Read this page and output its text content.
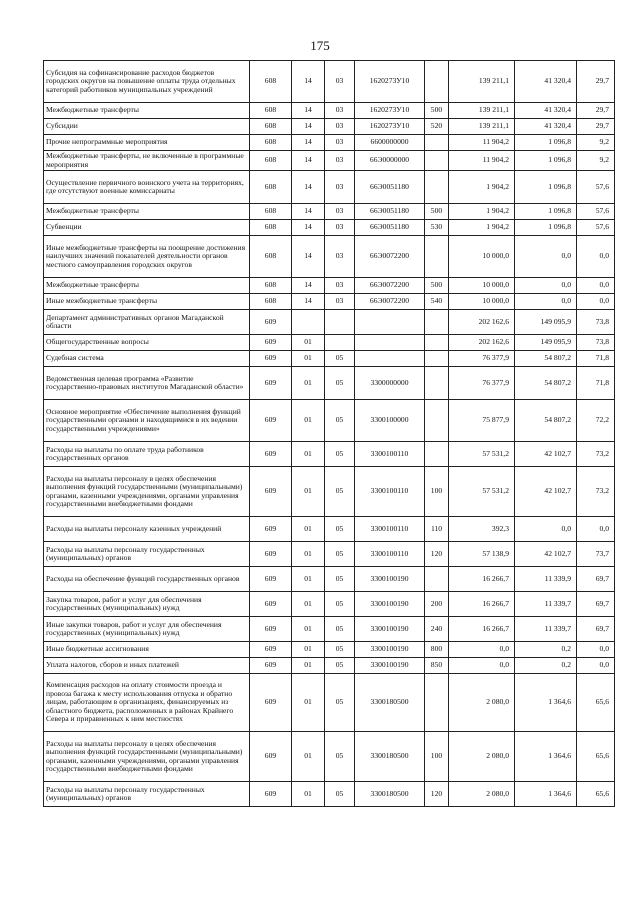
175
Субсидия на софинансирование расходов бюджетов городских округов на повышение оплаты труда отдельных категорий работников муниципальных учреждений	608	14	03	1620273У10		139 211,1	41 320,4	29,7
Межбюджетные трансферты	608	14	03	1620273У10	500	139 211,1	41 320,4	29,7
Субсидии	608	14	03	1620273У10	520	139 211,1	41 320,4	29,7
Прочие непрограммные мероприятия	608	14	03	6600000000		11 904,2	1 096,8	9,2
Межбюджетные трансферты, не включенные в программные мероприятия	608	14	03	66Э0000000		11 904,2	1 096,8	9,2
Осуществление первичного воинского учета на территориях, где отсутствуют военные комиссариаты	608	14	03	66Э0051180		1 904,2	1 096,8	57,6
Межбюджетные трансферты	608	14	03	66Э0051180	500	1 904,2	1 096,8	57,6
Субвенции	608	14	03	66Э0051180	530	1 904,2	1 096,8	57,6
Иные межбюджетные трансферты на поощрение достижения наилучших значений показателей деятельности органов местного самоуправления городских округов	608	14	03	66Э0072200		10 000,0	0,0	0,0
Межбюджетные трансферты	608	14	03	66Э0072200	500	10 000,0	0,0	0,0
Иные межбюджетные трансферты	608	14	03	66Э0072200	540	10 000,0	0,0	0,0
Департамент административных органов Магаданской области	609					202 162,6	149 095,9	73,8
Общегосударственные вопросы	609	01				202 162,6	149 095,9	73,8
Судебная система	609	01	05			76 377,9	54 807,2	71,8
Ведомственная целевая программа «Развитие государственно-правовых институтов Магаданской области»	609	01	05	3300000000		76 377,9	54 807,2	71,8
Основное мероприятие «Обеспечение выполнения функций государственными органами и находящимися в их ведении государственными учреждениями»	609	01	05	3300100000		75 877,9	54 807,2	72,2
Расходы на выплаты по оплате труда работников государственных органов	609	01	05	3300100110		57 531,2	42 102,7	73,2
Расходы на выплаты персоналу в целях обеспечения выполнения функций государственными (муниципальными) органами, казенными учреждениями, органами управления государственными внебюджетными фондами	609	01	05	3300100110	100	57 531,2	42 102,7	73,2
Расходы на выплаты персоналу казенных учреждений	609	01	05	3300100110	110	392,3	0,0	0,0
Расходы на выплаты персоналу государственных (муниципальных) органов	609	01	05	3300100110	120	57 138,9	42 102,7	73,7
Расходы на обеспечение функций государственных органов	609	01	05	3300100190		16 266,7	11 339,9	69,7
Закупка товаров, работ и услуг для обеспечения государственных (муниципальных) нужд	609	01	05	3300100190	200	16 266,7	11 339,7	69,7
Иные закупки товаров, работ и услуг для обеспечения государственных (муниципальных) нужд	609	01	05	3300100190	240	16 266,7	11 339,7	69,7
Иные бюджетные ассигнования	609	01	05	3300100190	800	0,0	0,2	0,0
Уплата налогов, сборов и иных платежей	609	01	05	3300100190	850	0,0	0,2	0,0
Компенсация расходов на оплату стоимости проезда и провоза багажа к месту использования отпуска и обратно лицам, работающим в организациях, финансируемых из областного бюджета, расположенных в районах Крайнего Севера и приравненных к ним местностях	609	01	05	3300180500		2 080,0	1 364,6	65,6
Расходы на выплаты персоналу в целях обеспечения выполнения функций государственными (муниципальными) органами, казенными учреждениями, органами управления государственными внебюджетными фондами	609	01	05	3300180500	100	2 080,0	1 364,6	65,6
Расходы на выплаты персоналу государственных (муниципальных) органов	609	01	05	3300180500	120	2 080,0	1 364,6	65,6
